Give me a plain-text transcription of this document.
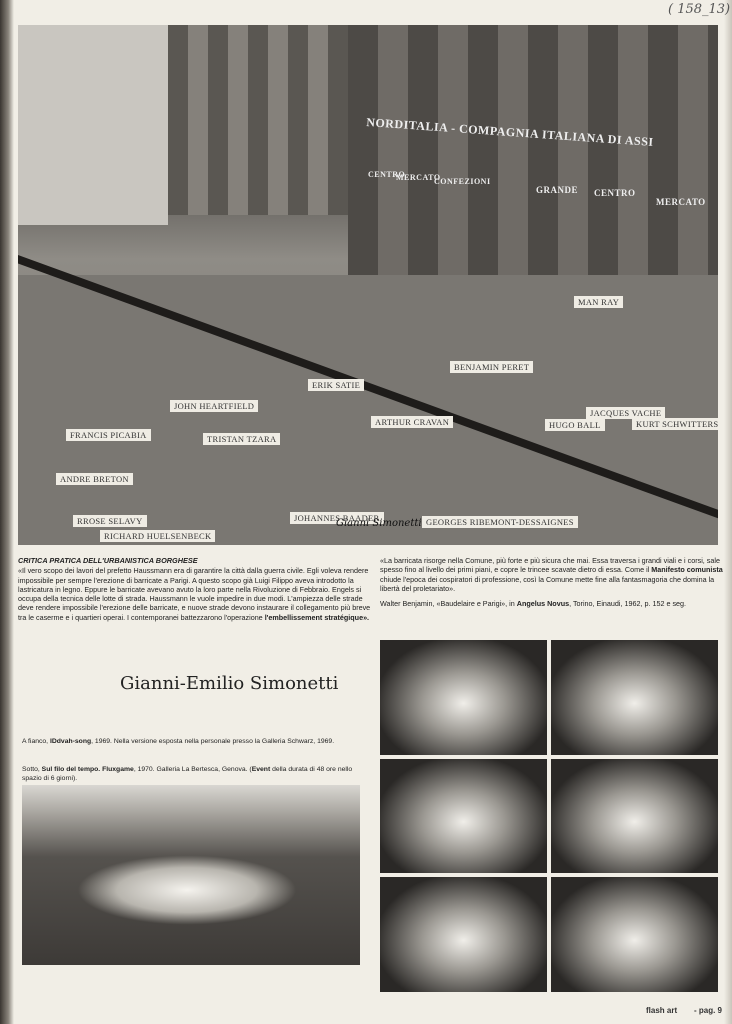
( 158_13)
NORDITALIA - COMPAGNIA ITALIANA DI ASSI
CENTRO
MERCATO
CONFEZIONI
GRANDE CENTRO
MERCATO
MAN RAY
BENJAMIN PERET
ERIK SATIE
JOHN HEARTFIELD
FRANCIS PICABIA	TRISTAN TZARA
ARTHUR CRAVAN	HUGO BALL
JACQUES VACHE
KURT SCHWITTERS
ANDRE BRETON
RROSE SELAVY
RICHARD HUELSENBECK
JOHANNES BAADER	GEORGES RIBEMONT-DESSAIGNES
Gianni Simonetti
CRITICA PRATICA DELL'URBANISTICA BORGHESE
«Il vero scopo dei lavori del prefetto Haussmann era di garantire la città dalla guerra civile. Egli voleva rendere impossibile per sempre l'erezione di barricate a Parigi. A questo scopo già Luigi Filippo aveva introdotto la lastricatura in legno. Eppure le barricate avevano avuto la loro parte nella Rivoluzione di Febbraio. Engels si occupa della tecnica delle lotte di strada. Haussmann le vuole impedire in due modi. L'ampiezza delle strade deve rendere impossibile l'erezione delle barricate, e nuove strade devono instaurare il collegamento più breve tra le caserme e i quartieri operai. I contemporanei battezzarono l'operazione l'embellissement stratégique».
«La barricata risorge nella Comune, più forte e più sicura che mai. Essa traversa i grandi viali e i corsi, sale spesso fino al livello dei primi piani, e copre le trincee scavate dietro di essa. Come il Manifesto comunista chiude l'epoca dei cospiratori di professione, così la Comune mette fine alla fantasmagoria che domina la libertà del proletariato».
Walter Benjamin, «Baudelaire e Parigi», in Angelus Novus, Torino, Einaudi, 1962, p. 152 e seg.
Gianni-Emilio Simonetti
A fianco, IDdvah-song, 1969. Nella versione esposta nella personale presso la Galleria Schwarz, 1969.
Sotto, Sul filo del tempo. Fluxgame, 1970. Galleria La Bertesca, Genova. (Event della durata di 48 ore nello spazio di 6 giorni).
flash art - pag. 9
